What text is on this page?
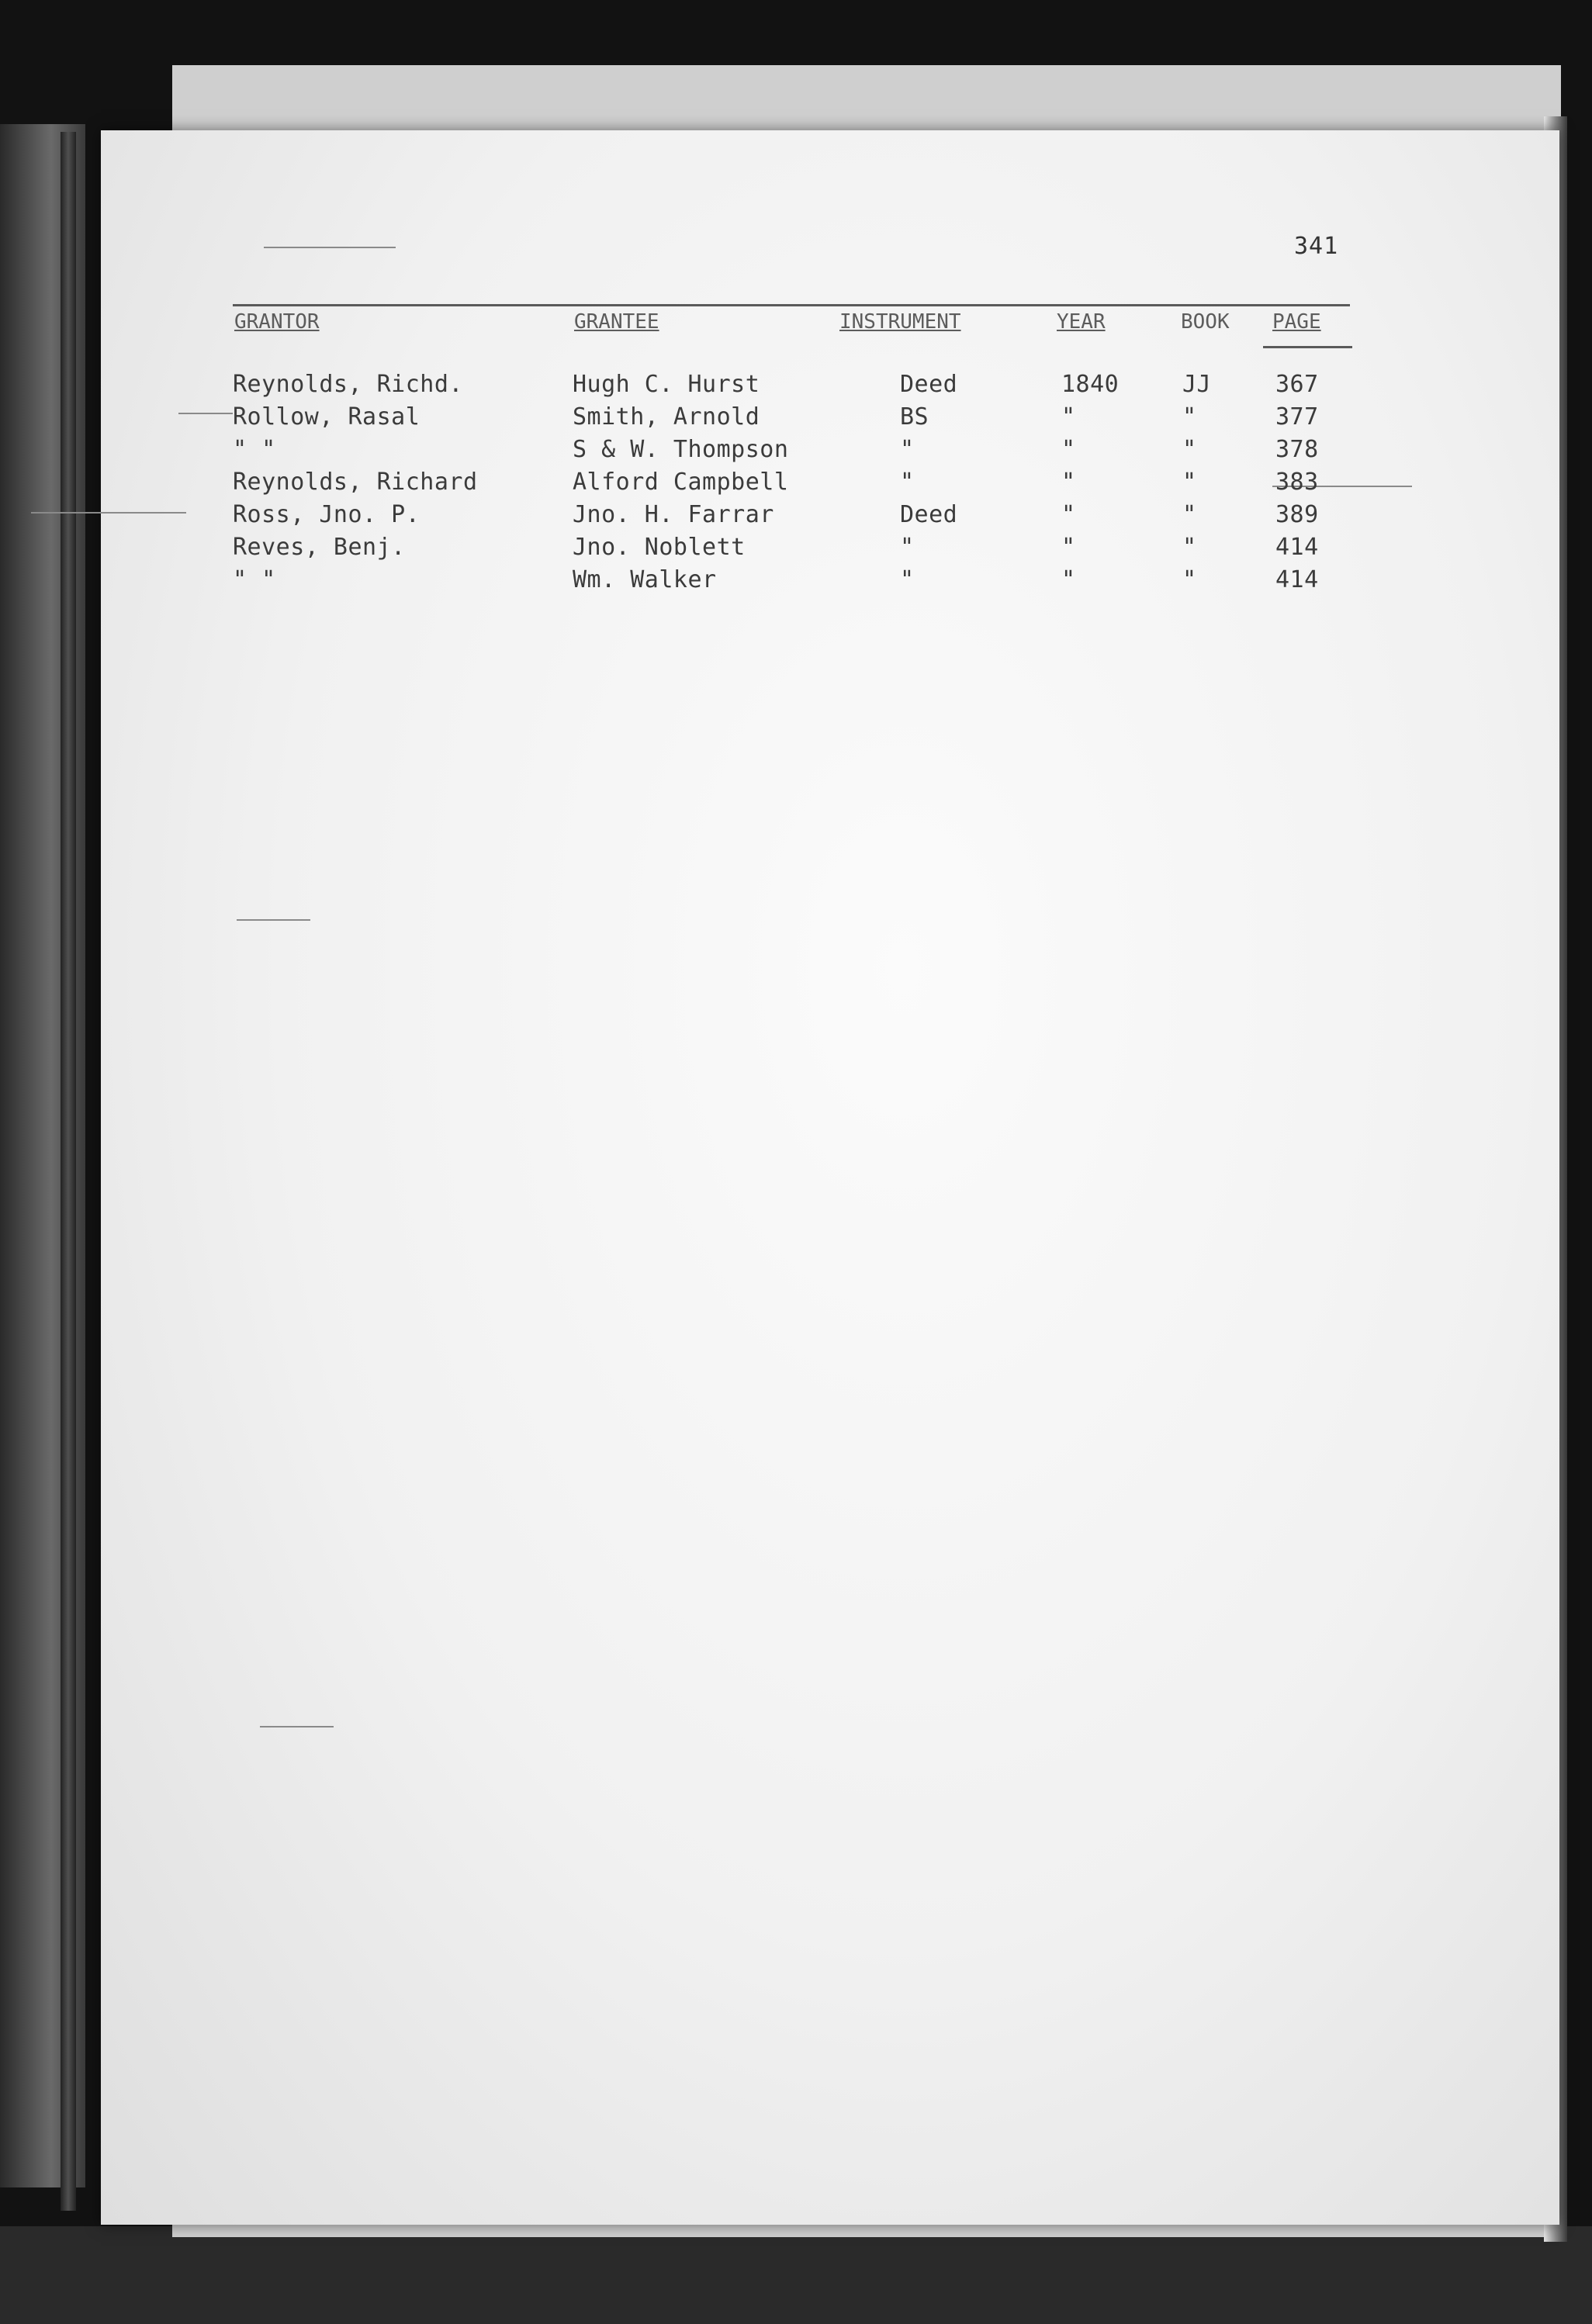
341
GRANTOR	GRANTEE	INSTRUMENT	YEAR	BOOK PAGE
Reynolds, Richd.	Hugh C. Hurst	Deed	1840	JJ	367
Rollow, Rasal	Smith, Arnold	BS	"	"	377
" "	S & W. Thompson	"	"	"	378
Reynolds, Richard	Alford Campbell	"	"	"	383
Ross, Jno. P.	Jno. H. Farrar	Deed	"	"	389
Reves, Benj.	Jno. Noblett	"	"	"	414
" "	Wm. Walker	"	"	"	414
